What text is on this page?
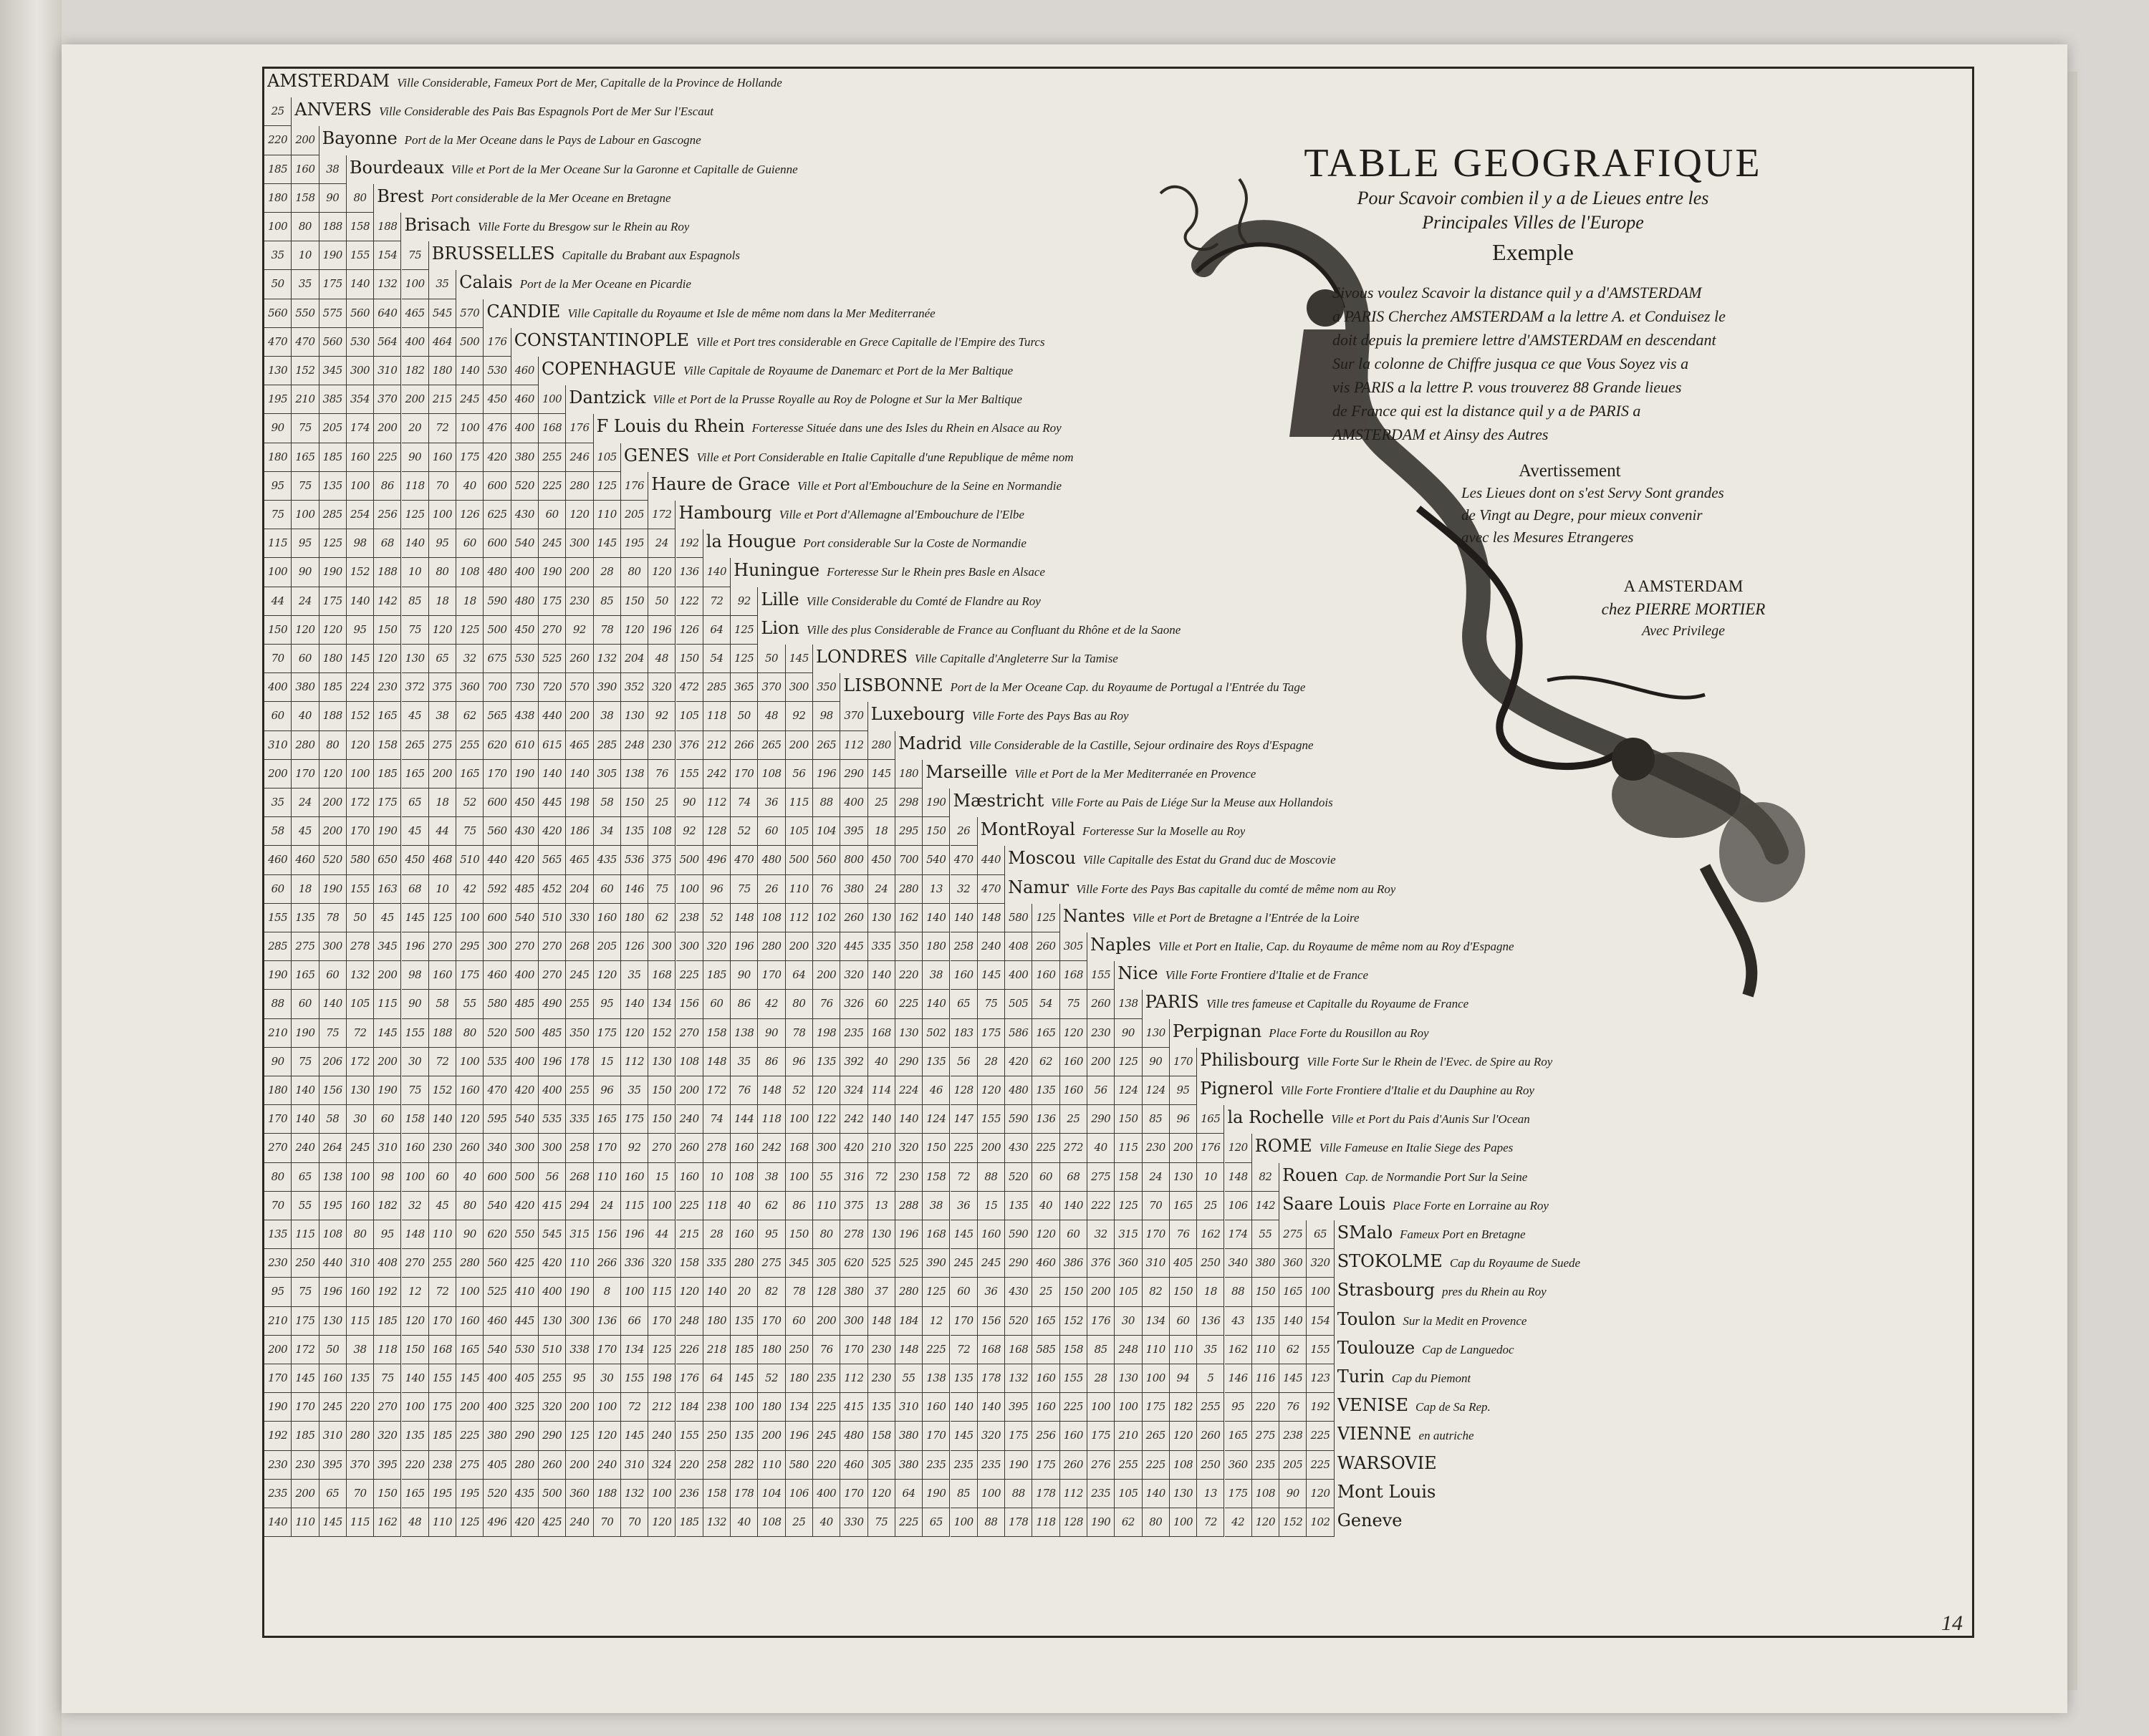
AMSTERDAM Ville Considerable, Fameux Port de Mer, Capitalle de la Province de Hollande
25 ANVERS Ville Considerable des Pais Bas Espagnols Port de Mer Sur l'Escaut
220 200 Bayonne Port de la Mer Oceane dans le Pays de Labour en Gascogne
185 160	38 Bourdeaux Ville et Port de la Mer Oceane Sur la Garonne et Capitalle de Guienne
180 158	90	80 Brest Port considerable de la Mer Oceane en Bretagne
100	80	188 158 188 Brisach Ville Forte du Bresgow sur le Rhein au Roy
35	10	190 155 154	75 BRUSSELLES Capitalle du Brabant aux Espagnols
50	35	175 140 132 100	35 Calais Port de la Mer Oceane en Picardie
560 550 575 560 640 465 545 570 CANDIE Ville Capitalle du Royaume et Isle de même nom dans la Mer Mediterranée
470 470 560 530 564 400 464 500 176 CONSTANTINOPLE Ville et Port tres considerable en Grece Capitalle de l'Empire des Turcs
130 152 345 300 310 182 180 140 530 460 COPENHAGUE Ville Capitale de Royaume de Danemarc et Port de la Mer Baltique
195 210 385 354 370 200 215 245 450 460 100 Dantzick Ville et Port de la Prusse Royalle au Roy de Pologne et Sur la Mer Baltique
90	75	205 174 200	20	72	100 476 400 168 176 F Louis du Rhein Forteresse Située dans une des Isles du Rhein en Alsace au Roy
180 165 185 160 225	90	160 175 420 380 255 246 105 GENES Ville et Port Considerable en Italie Capitalle d'une Republique de même nom
95	75	135 100	86	118	70	40	600 520 225 280 125 176 Haure de Grace Ville et Port al'Embouchure de la Seine en Normandie
75	100 285 254 256 125 100 126 625 430	60	120 110 205 172 Hambourg Ville et Port d'Allemagne al'Embouchure de l'Elbe
115	95	125	98	68	140	95	60	600 540 245 300 145 195	24	192 la Hougue Port considerable Sur la Coste de Normandie
100	90	190 152 188	10	80	108 480 400 190 200	28	80	120 136 140 Huningue Forteresse Sur le Rhein pres Basle en Alsace
44	24	175 140 142	85	18	18	590 480 175 230	85	150	50	122	72	92 Lille Ville Considerable du Comté de Flandre au Roy
150 120 120	95	150	75	120 125 500 450 270	92	78	120 196 126	64	125 Lion Ville des plus Considerable de France au Confluant du Rhône et de la Saone
70	60	180 145 120 130	65	32	675 530 525 260 132 204	48	150	54	125	50	145 LONDRES Ville Capitalle d'Angleterre Sur la Tamise
400 380 185 224 230 372 375 360 700 730 720 570 390 352 320 472 285 365 370 300 350 LISBONNE Port de la Mer Oceane Cap. du Royaume de Portugal a l'Entrée du Tage
60	40	188 152 165	45	38	62	565 438 440 200	38	130	92	105 118	50	48	92	98	370 Luxebourg Ville Forte des Pays Bas au Roy
310 280	80	120 158 265 275 255 620 610 615 465 285 248 230 376 212 266 265 200 265 112 280 Madrid Ville Considerable de la Castille, Sejour ordinaire des Roys d'Espagne
200 170 120 100 185 165 200 165 170 190 140 140 305 138	76	155 242 170 108	56	196 290 145 180 Marseille Ville et Port de la Mer Mediterranée en Provence
35	24	200 172 175	65	18	52	600 450 445 198	58	150	25	90	112	74	36	115	88	400	25	298 190 Mæstricht Ville Forte au Pais de Liége Sur la Meuse aux Hollandois
58	45	200 170 190	45	44	75	560 430 420 186	34	135 108	92	128	52	60	105 104 395	18	295 150	26 MontRoyal Forteresse Sur la Moselle au Roy
460 460 520 580 650 450 468 510 440 420 565 465 435 536 375 500 496 470 480 500 560 800 450 700 540 470 440 Moscou Ville Capitalle des Estat du Grand duc de Moscovie
60	18	190 155 163	68	10	42	592 485 452 204	60	146	75	100	96	75	26	110	76	380	24	280	13	32	470 Namur Ville Forte des Pays Bas capitalle du comté de même nom au Roy
155 135	78	50	45	145 125 100 600 540 510 330 160 180	62	238	52	148 108 112 102 260 130 162 140 140 148 580 125 Nantes Ville et Port de Bretagne a l'Entrée de la Loire
285 275 300 278 345 196 270 295 300 270 270 268 205 126 300 300 320 196 280 200 320 445 335 350 180 258 240 408 260 305 Naples Ville et Port en Italie, Cap. du Royaume de même nom au Roy d'Espagne
190 165	60	132 200	98	160 175 460 400 270 245 120	35	168 225 185	90	170	64	200 320 140 220	38	160 145 400 160 168 155 Nice Ville Forte Frontiere d'Italie et de France
88	60	140 105 115	90	58	55	580 485 490 255	95	140 134 156	60	86	42	80	76	326	60	225 140	65	75	505	54	75	260 138 PARIS Ville tres fameuse et Capitalle du Royaume de France
210 190	75	72	145 155 188	80	520 500 485 350 175 120 152 270 158 138	90	78	198 235 168 130 502 183 175 586 165 120 230	90	130 Perpignan Place Forte du Rousillon au Roy
90	75	206 172 200	30	72	100 535 400 196 178	15	112 130 108 148	35	86	96	135 392	40	290 135	56	28	420	62	160 200 125	90	170 Philisbourg Ville Forte Sur le Rhein de l'Evec. de Spire au Roy
180 140 156 130 190	75	152 160 470 420 400 255	96	35	150 200 172	76	148	52	120 324 114 224	46	128 120 480 135 160	56	124 124	95 Pignerol Ville Forte Frontiere d'Italie et du Dauphine au Roy
170 140	58	30	60	158 140 120 595 540 535 335 165 175 150 240	74	144 118 100 122 242 140 140 124 147 155 590 136	25	290 150	85	96	165 la Rochelle Ville et Port du Pais d'Aunis Sur l'Ocean
270 240 264 245 310 160 230 260 340 300 300 258 170	92	270 260 278 160 242 168 300 420 210 320 150 225 200 430 225 272	40	115 230 200 176 120 ROME Ville Fameuse en Italie Siege des Papes
80	65	138 100	98	100	60	40	600 500	56	268 110 160	15	160	10	108	38	100	55	316	72	230 158	72	88	520	60	68	275 158	24	130	10	148	82 Rouen Cap. de Normandie Port Sur la Seine
70	55	195 160 182	32	45	80	540 420 415 294	24	115 100 225 118	40	62	86	110 375	13	288	38	36	15	135	40	140 222 125	70	165	25	106 142 Saare Louis Place Forte en Lorraine au Roy
135 115 108	80	95	148 110	90	620 550 545 315 156 196	44	215	28	160	95	150	80	278 130 196 168 145 160 590 120	60	32	315 170	76	162 174	55	275	65 SMalo Fameux Port en Bretagne
230 250 440 310 408 270 255 280 560 425 420 110 266 336 320 158 335 280 275 345 305 620 525 525 390 245 245 290 460 386 376 360 310 405 250 340 380 360 320 STOKOLME Cap du Royaume de Suede
95	75	196 160 192	12	72	100 525 410 400 190	8	100 115 120 140	20	82	78	128 380	37	280 125	60	36	430	25	150 200 105	82	150	18	88	150 165 100 Strasbourg pres du Rhein au Roy
210 175 130 115 185 120 170 160 460 445 130 300 136	66	170 248 180 135 170	60	200 300 148 184	12	170 156 520 165 152 176	30	134	60	136	43	135 140 154 Toulon Sur la Medit en Provence
200 172	50	38	118 150 168 165 540 530 510 338 170 134 125 226 218 185 180 250	76	170 230 148 225	72	168 168 585 158	85	248 110 110	35	162 110	62	155 Toulouze Cap de Languedoc
170 145 160 135	75	140 155 145 400 405 255	95	30	155 198 176	64	145	52	180 235 112 230	55	138 135 178 132 160 155	28	130 100	94	5	146 116 145 123 Turin Cap du Piemont
190 170 245 220 270 100 175 200 400 325 320 200 100	72	212 184 238 100 180 134 225 415 135 310 160 140 140 395 160 225 100 100 175 182 255	95	220	76	192 VENISE Cap de Sa Rep.
192 185 310 280 320 135 185 225 380 290 290 125 120 145 240 155 250 135 200 196 245 480 158 380 170 145 320 175 256 160 175 210 265 120 260 165 275 238 225 VIENNE en autriche
230 230 395 370 395 220 238 275 405 280 260 200 240 310 324 220 258 282 110 580 220 460 305 380 235 235 235 190 175 260 276 255 225 108 250 360 235 205 225 WARSOVIE
235 200	65	70	150 165 195 195 520 435 500 360 188 132 100 236 158 178 104 106 400 170 120	64	190	85	100	88	178 112 235 105 140 130	13	175 108	90	120 Mont Louis
140 110 145 115 162	48	110 125 496 420 425 240	70	70	120 185 132	40	108	25	40	330	75	225	65	100	88	178 118 128 190	62	80	100	72	42	120 152 102 Geneve
TABLE GEOGRAFIQUE
Pour Scavoir combien il y a de Lieues entre les
Principales Villes de l'Europe
Exemple
Sivous voulez Scavoir la distance quil y a d'AMSTERDAM
a PARIS Cherchez AMSTERDAM a la lettre A. et Conduisez le
doit depuis la premiere lettre d'AMSTERDAM en descendant
Sur la colonne de Chiffre jusqua ce que Vous Soyez vis a
vis PARIS a la lettre P. vous trouverez 88 Grande lieues
de France qui est la distance quil y a de PARIS a
AMSTERDAM et Ainsy des Autres
Avertissement
Les Lieues dont on s'est Servy Sont grandes
de Vingt au Degre, pour mieux convenir
avec les Mesures Etrangeres
A AMSTERDAM
chez PIERRE MORTIER
Avec Privilege
14
